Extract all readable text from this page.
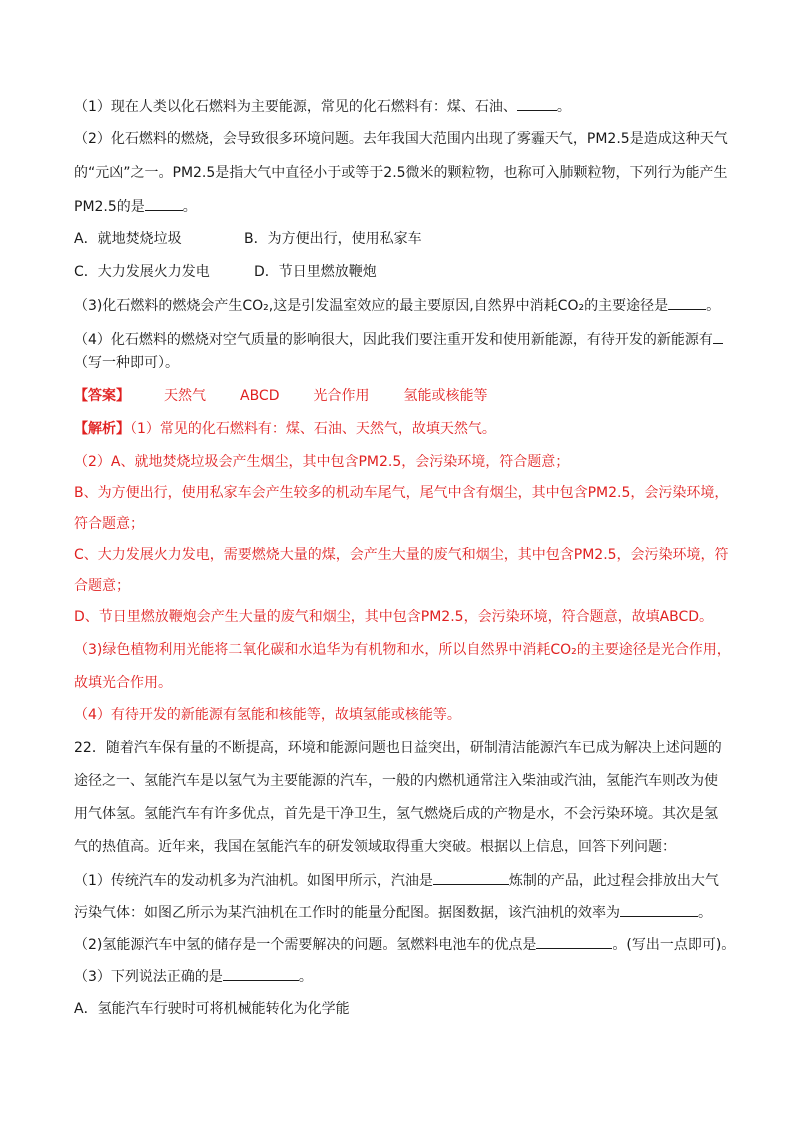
（1）现在人类以化石燃料为主要能源，常见的化石燃料有：煤、石油、	。
（2）化石燃料的燃烧，会导致很多环境问题。去年我国大范围内出现了雾霾天气，PM2.5是造成这种天气
的“元凶”之一。PM2.5是指大气中直径小于或等于2.5微米的颗粒物，也称可入肺颗粒物，下列行为能产生
PM2.5的是	。
A．就地焚烧垃圾	B．为方便出行，使用私家车
C．大力发展火力发电	D．节日里燃放鞭炮
（3)化石燃料的燃烧会产生CO₂,这是引发温室效应的最主要原因,自然界中消耗CO₂的主要途径是	。
（4）化石燃料的燃烧对空气质量的影响很大，因此我们要注重开发和使用新能源，有待开发的新能源有
（写一种即可）。
【答案】 天然气 ABCD 光合作用 氢能或核能等
【解析】（1）常见的化石燃料有：煤、石油、天然气，故填天然气。
（2）A、就地焚烧垃圾会产生烟尘，其中包含PM2.5，会污染环境，符合题意；
B、为方便出行，使用私家车会产生较多的机动车尾气，尾气中含有烟尘，其中包含PM2.5，会污染环境，
符合题意；
C、大力发展火力发电，需要燃烧大量的煤，会产生大量的废气和烟尘，其中包含PM2.5，会污染环境，符
合题意；
D、节日里燃放鞭炮会产生大量的废气和烟尘，其中包含PM2.5，会污染环境，符合题意，故填ABCD。
（3)绿色植物利用光能将二氧化碳和水追华为有机物和水，所以自然界中消耗CO₂的主要途径是光合作用，
故填光合作用。
（4）有待开发的新能源有氢能和核能等，故填氢能或核能等。
22．随着汽车保有量的不断提高，环境和能源问题也日益突出，研制清洁能源汽车已成为解决上述问题的
途径之一、氢能汽车是以氢气为主要能源的汽车，一般的内燃机通常注入柴油或汽油，氢能汽车则改为使
用气体氢。氢能汽车有许多优点，首先是干净卫生，氢气燃烧后成的产物是水，不会污染环境。其次是氢
气的热值高。近年来，我国在氢能汽车的研发领域取得重大突破。根据以上信息，回答下列问题：
（1）传统汽车的发动机多为汽油机。如图甲所示，汽油是	炼制的产品，此过程会排放出大气
污染气体：如图乙所示为某汽油机在工作时的能量分配图。据图数据，该汽油机的效率为	。
（2)氢能源汽车中氢的储存是一个需要解决的问题。氢燃料电池车的优点是	。(写出一点即可)。
（3）下列说法正确的是	。
A．氢能汽车行驶时可将机械能转化为化学能
